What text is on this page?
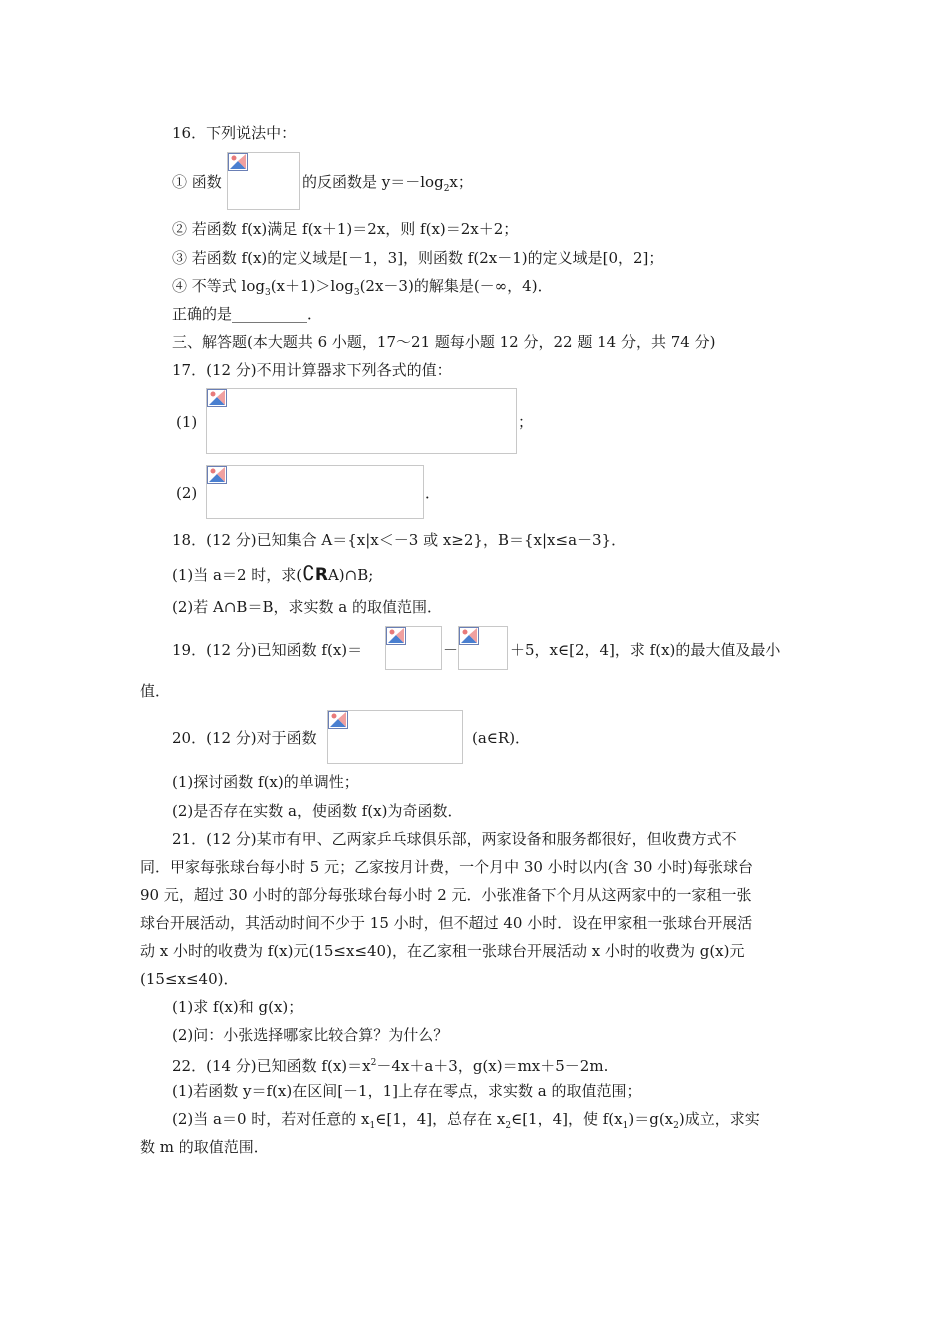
16．下列说法中：
① 函数	的反函数是 $y=-\log_2x$；
② 若函数 f(x)满足 f(x＋1)＝2x，则 f(x)＝2x＋2；
③ 若函数 f(x)的定义域是[－1，3]，则函数 f(2x－1)的定义域是[0，2]；
④ 不等式 $\log_3(x+1)>\log_3(2x-3)$的解集是(－∞，4)．
正确的是__________．
三、解答题(本大题共 6 小题，17～21 题每小题 12 分，22 题 14 分，共 74 分)
17．(12 分)不用计算器求下列各式的值：
(1)	；
(2)	．
18．(12 分)已知集合 A＝{x|x＜－3 或 x≥2}，B＝{x|x≤a－3}．
(1)当 a＝2 时，求(∁RA)∩B;
(2)若 A∩B＝B，求实数 a 的取值范围．
19．(12 分)已知函数 f(x)＝	－	＋5，x∈[2，4]，求 f(x)的最大值及最小
值．
20．(12 分)对于函数	(a∈R)．
(1)探讨函数 f(x)的单调性；
(2)是否存在实数 a，使函数 f(x)为奇函数．
21．(12 分)某市有甲、乙两家乒乓球俱乐部，两家设备和服务都很好，但收费方式不
同．甲家每张球台每小时 5 元；乙家按月计费，一个月中 30 小时以内(含 30 小时)每张球台
90 元，超过 30 小时的部分每张球台每小时 2 元．小张准备下个月从这两家中的一家租一张
球台开展活动，其活动时间不少于 15 小时，但不超过 40 小时．设在甲家租一张球台开展活
动 x 小时的收费为 f(x)元(15≤x≤40)，在乙家租一张球台开展活动 x 小时的收费为 g(x)元
(15≤x≤40)．
(1)求 f(x)和 g(x)；
(2)问：小张选择哪家比较合算？为什么？
22．(14 分)已知函数 $f(x)=x^2-4x+a+3$，g(x)＝mx＋5－2m.
(1)若函数 y＝f(x)在区间[－1，1]上存在零点，求实数 a 的取值范围；
(2)当 a＝0 时，若对任意的 $x_1\in[1$，4]，总存在 $x_2\in[1$，4]，使 $f(x_1)=g(x_2)$成立，求实
数 m 的取值范围．
